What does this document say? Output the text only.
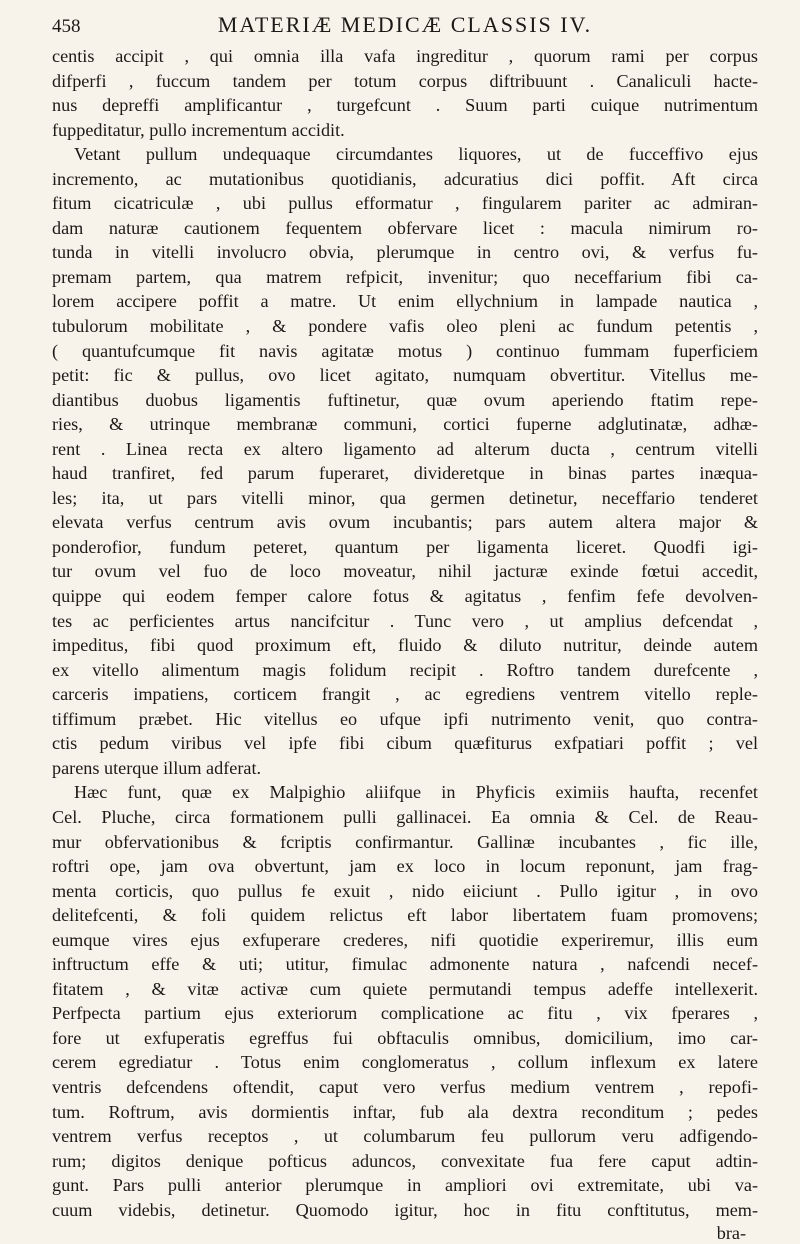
458	MATERIÆ MEDICÆ CLASSIS IV.
centis accipit , qui omnia illa vafa ingreditur , quorum rami per corpus
difperfi , fuccum tandem per totum corpus diftribuunt . Canaliculi hacte-
nus depreffi amplificantur , turgefcunt . Suum parti cuique nutrimentum
fuppeditatur, pullo incrementum accidit.
Vetant pullum undequaque circumdantes liquores, ut de fucceffivo ejus
incremento, ac mutationibus quotidianis, adcuratius dici poffit. Aft circa
fitum cicatriculæ , ubi pullus efformatur , fingularem pariter ac admiran-
dam naturæ cautionem fequentem obfervare licet : macula nimirum ro-
tunda in vitelli involucro obvia, plerumque in centro ovi, & verfus fu-
premam partem, qua matrem refpicit, invenitur; quo neceffarium fibi ca-
lorem accipere poffit a matre. Ut enim ellychnium in lampade nautica ,
tubulorum mobilitate , & pondere vafis oleo pleni ac fundum petentis ,
( quantufcumque fit navis agitatæ motus ) continuo fummam fuperficiem
petit: fic & pullus, ovo licet agitato, numquam obvertitur. Vitellus me-
diantibus duobus ligamentis fuftinetur, quæ ovum aperiendo ftatim repe-
ries, & utrinque membranæ communi, cortici fuperne adglutinatæ, adhæ-
rent . Linea recta ex altero ligamento ad alterum ducta , centrum vitelli
haud tranfiret, fed parum fuperaret, divideretque in binas partes inæqua-
les; ita, ut pars vitelli minor, qua germen detinetur, neceffario tenderet
elevata verfus centrum avis ovum incubantis; pars autem altera major &
ponderofior, fundum peteret, quantum per ligamenta liceret. Quodfi igi-
tur ovum vel fuo de loco moveatur, nihil jacturæ exinde fœtui accedit,
quippe qui eodem femper calore fotus & agitatus , fenfim fefe devolven-
tes ac perficientes artus nancifcitur . Tunc vero , ut amplius defcendat ,
impeditus, fibi quod proximum eft, fluido & diluto nutritur, deinde autem
ex vitello alimentum magis folidum recipit . Roftro tandem durefcente ,
carceris impatiens, corticem frangit , ac egrediens ventrem vitello reple-
tiffimum præbet. Hic vitellus eo ufque ipfi nutrimento venit, quo contra-
ctis pedum viribus vel ipfe fibi cibum quæfiturus exfpatiari poffit ; vel
parens uterque illum adferat.
Hæc funt, quæ ex Malpighio aliifque in Phyficis eximiis haufta, recenfet
Cel. Pluche, circa formationem pulli gallinacei. Ea omnia & Cel. de Reau-
mur obfervationibus & fcriptis confirmantur. Gallinæ incubantes , fic ille,
roftri ope, jam ova obvertunt, jam ex loco in locum reponunt, jam frag-
menta corticis, quo pullus fe exuit , nido eiiciunt . Pullo igitur , in ovo
delitefcenti, & foli quidem relictus eft labor libertatem fuam promovens;
eumque vires ejus exfuperare crederes, nifi quotidie experiremur, illis eum
inftructum effe & uti; utitur, fimulac admonente natura , nafcendi necef-
fitatem , & vitæ activæ cum quiete permutandi tempus adeffe intellexerit.
Perfpecta partium ejus exteriorum complicatione ac fitu , vix fperares ,
fore ut exfuperatis egreffus fui obftaculis omnibus, domicilium, imo car-
cerem egrediatur . Totus enim conglomeratus , collum inflexum ex latere
ventris defcendens oftendit, caput vero verfus medium ventrem , repofi-
tum. Roftrum, avis dormientis inftar, fub ala dextra reconditum ; pedes
ventrem verfus receptos , ut columbarum feu pullorum veru adfigendo-
rum; digitos denique pofticus aduncos, convexitate fua fere caput adtin-
gunt. Pars pulli anterior plerumque in ampliori ovi extremitate, ubi va-
cuum videbis, detinetur. Quomodo igitur, hoc in fitu conftitutus, mem-
bra-
